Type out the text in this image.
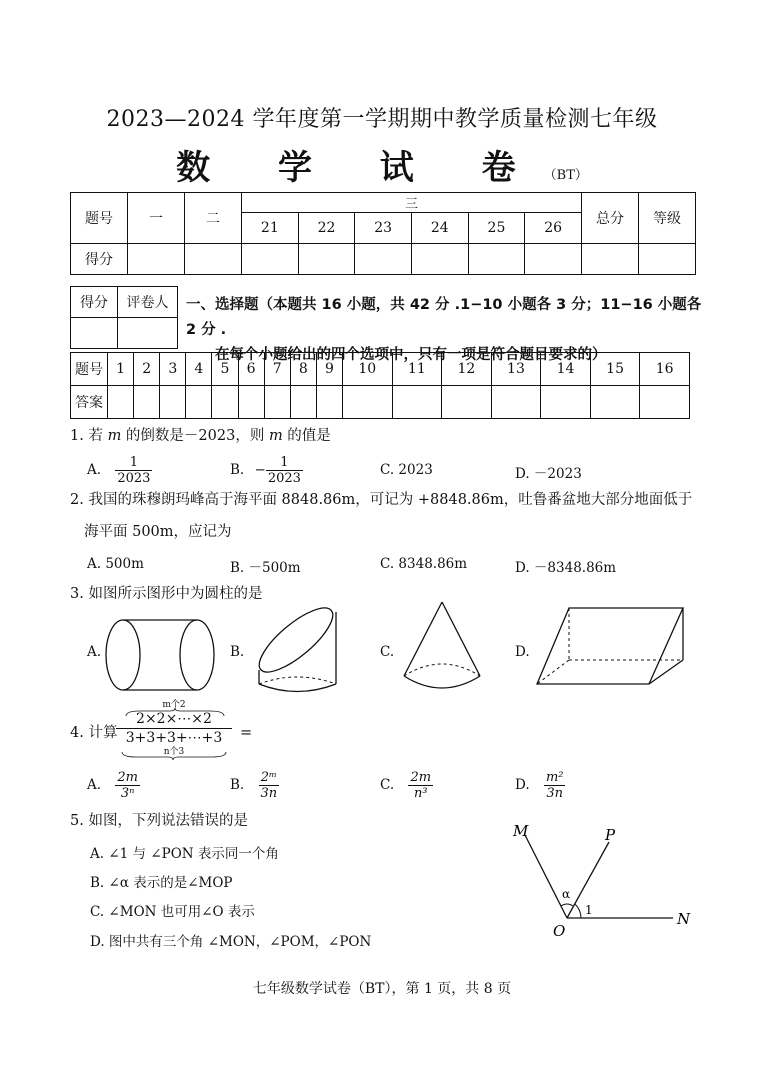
2023—2024 学年度第一学期期中教学质量检测七年级
数 学 试 卷（BT）
题号	一	二	三						总分	等级
			21	22	23	24	25	26		
得分										
得分	评卷人
	一、选择题（本题共 16 小题，共 42 分 .1−10 小题各 3 分；11−16 小题各 2 分 .
在每个小题给出的四个选项中，只有一项是符合题目要求的）
题号	1	2	3	4	5	6	7	8	9	10	11	12	13	14	15	16
答案																
1. 若 m 的倒数是－2023，则 m 的值是
A. $\frac{1}{2023}$	B. − $\frac{1}{2023}$	C. 2023	D. －2023
2. 我国的珠穆朗玛峰高于海平面 8848.86m，可记为 +8848.86m，吐鲁番盆地大部分地面低于
海平面 500m，应记为
A. 500m	B. －500m	C. 8348.86m	D. －8348.86m
3. 如图所示图形中为圆柱的是
A.	B.	C.	D.
4. 计算
m个2
2×2×⋯×2
3+3+3+⋯+3
n个3
=
A. $\frac{2m}{\text{3ⁿ}}$	B. $\frac{\text{2ᵐ}}{3n}$	C. $\frac{2m}{\text{n³}}$	D. $\frac{\text{m²}}{3n}$
5. 如图，下列说法错误的是
A. ∠1 与 ∠PON 表示同一个角
B. ∠α 表示的是∠MOP
C. ∠MON 也可用∠O 表示
D. 图中共有三个角 ∠MON，∠POM，∠PON
M	P
O
N
α
1
七年级数学试卷（BT），第 1 页，共 8 页
